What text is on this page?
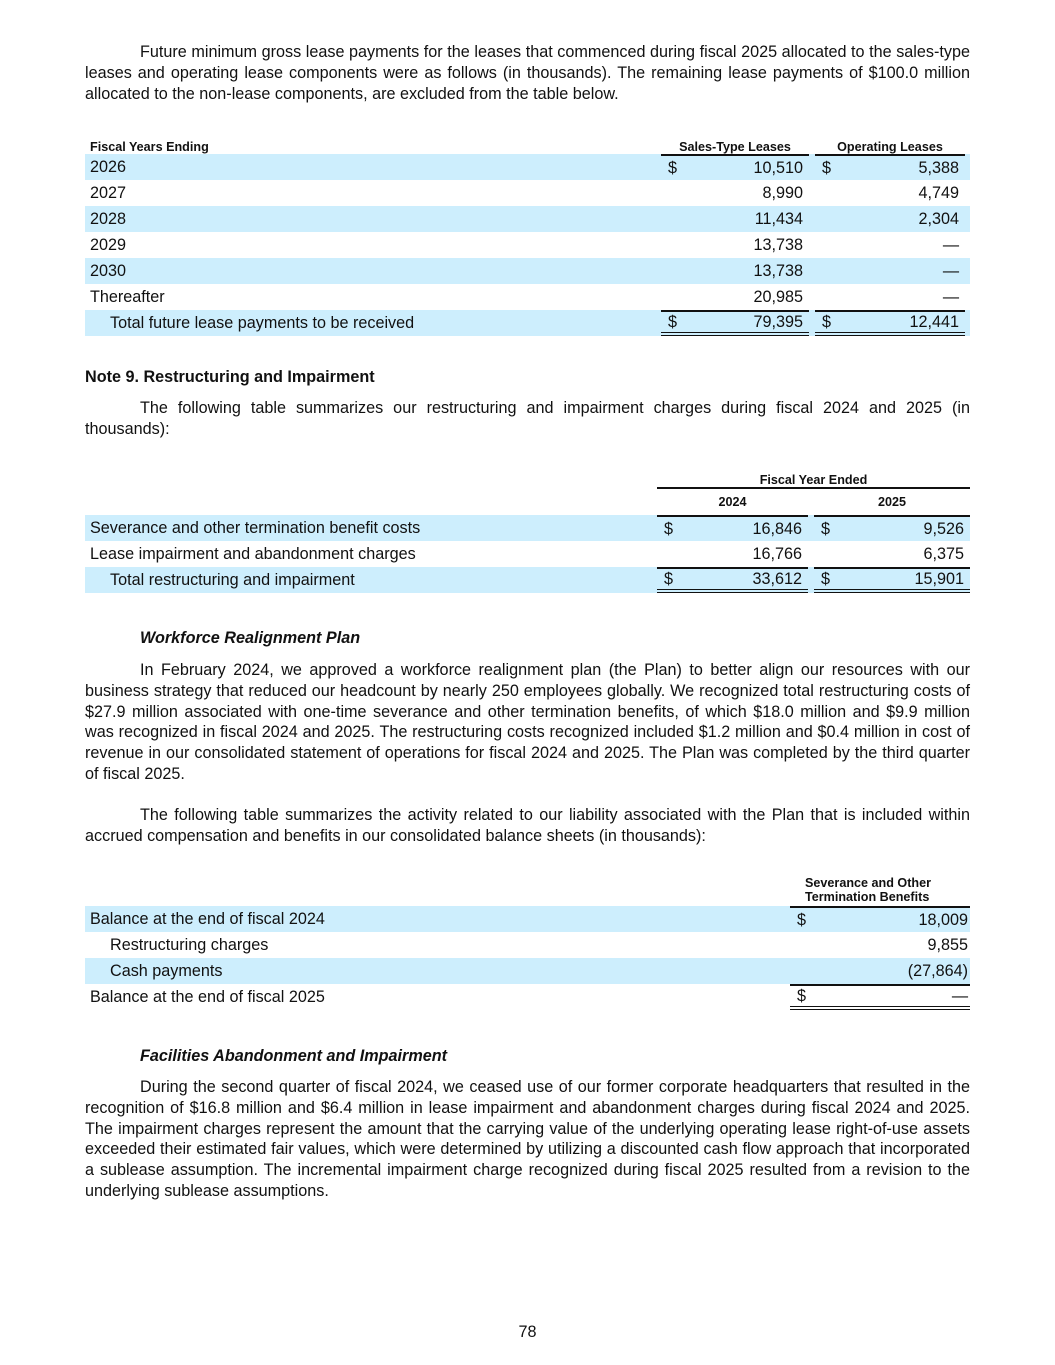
Future minimum gross lease payments for the leases that commenced during fiscal 2025 allocated to the sales-type leases and operating lease components were as follows (in thousands). The remaining lease payments of $100.0 million allocated to the non-lease components, are excluded from the table below.

Fiscal Years Ending		Sales-Type Leases			Operating Leases		
2026		$	10,510		$	5,388	
2027			8,990			4,749	
2028			11,434			2,304	
2029			13,738			—	
2030			13,738			—	
Thereafter			20,985			—	
Total future lease payments to be received		$	79,395		$	12,441	
Note 9. Restructuring and Impairment

The following table summarizes our restructuring and impairment charges during fiscal 2024 and 2025 (in thousands):

	Fiscal Year Ended				
	2024			2025	
Severance and other termination benefit costs	$	16,846		$	9,526
Lease impairment and abandonment charges		16,766			6,375
Total restructuring and impairment	$	33,612		$	15,901
Workforce Realignment Plan

In February 2024, we approved a workforce realignment plan (the Plan) to better align our resources with our business strategy that reduced our headcount by nearly 250 employees globally. We recognized total restructuring costs of $27.9 million associated with one-time severance and other termination benefits, of which $18.0 million and $9.9 million was recognized in fiscal 2024 and 2025. The restructuring costs recognized included $1.2 million and $0.4 million in cost of revenue in our consolidated statement of operations for fiscal 2024 and 2025. The Plan was completed by the third quarter of fiscal 2025.

The following table summarizes the activity related to our liability associated with the Plan that is included within accrued compensation and benefits in our consolidated balance sheets (in thousands):

	Severance and Other
Termination Benefits	

Balance at the end of fiscal 2024	$	18,009
Restructuring charges		9,855
Cash payments		(27,864)
Balance at the end of fiscal 2025	$	—
Facilities Abandonment and Impairment

During the second quarter of fiscal 2024, we ceased use of our former corporate headquarters that resulted in the recognition of $16.8 million and $6.4 million in lease impairment and abandonment charges during fiscal 2024 and 2025. The impairment charges represent the amount that the carrying value of the underlying operating lease right-of-use assets exceeded their estimated fair values, which were determined by utilizing a discounted cash flow approach that incorporated a sublease assumption. The incremental impairment charge recognized during fiscal 2025 resulted from a revision to the underlying sublease assumptions.

78
